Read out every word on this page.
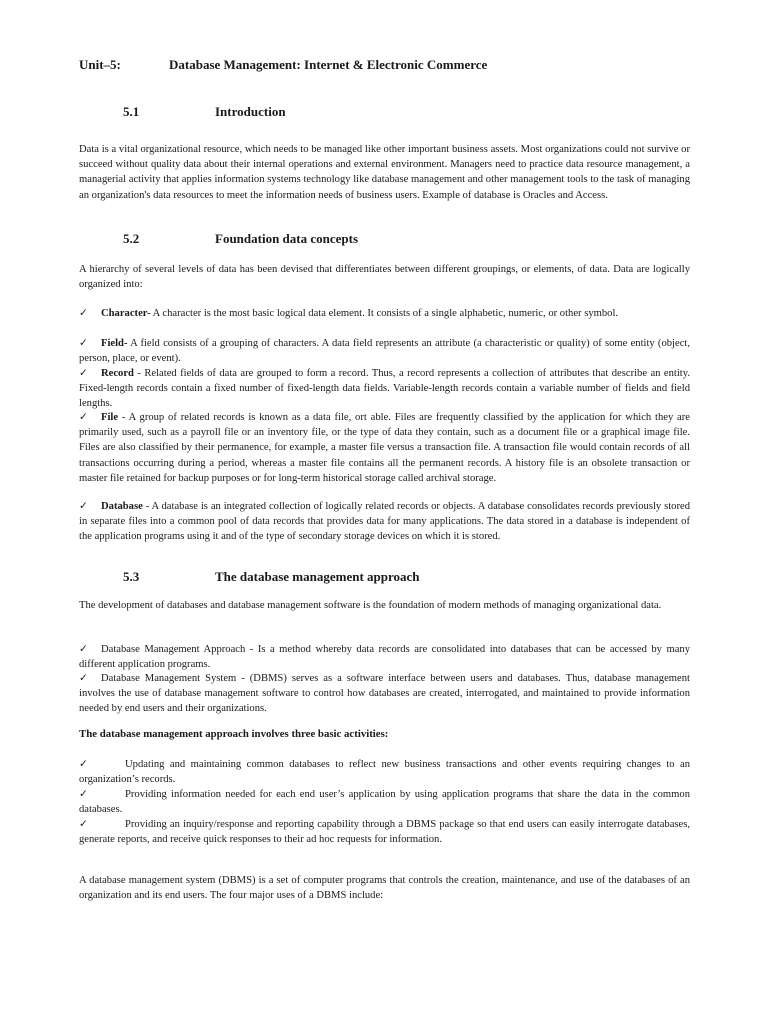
Unit–5:	Database Management: Internet & Electronic Commerce
5.1	Introduction

Data is a vital organizational resource, which needs to be managed like other important business assets. Most organizations could not survive or succeed without quality data about their internal operations and external environment. Managers need to practice data resource management, a managerial activity that applies information systems technology like database management and other management tools to the task of managing an organization's data resources to meet the information needs of business users. Example of database is Oracles and Access.

5.2	Foundation data concepts

A hierarchy of several levels of data has been devised that differentiates between different groupings, or elements, of data. Data are logically organized into:

✓ Character- A character is the most basic logical data element. It consists of a single alphabetic, numeric, or other symbol.

✓ Field- A field consists of a grouping of characters. A data field represents an attribute (a characteristic or quality) of some entity (object, person, place, or event).

✓ Record - Related fields of data are grouped to form a record. Thus, a record represents a collection of attributes that describe an entity. Fixed-length records contain a fixed number of fixed-length data fields. Variable-length records contain a variable number of fields and field lengths.

✓ File - A group of related records is known as a data file, ort able. Files are frequently classified by the application for which they are primarily used, such as a payroll file or an inventory file, or the type of data they contain, such as a document file or a graphical image file. Files are also classified by their permanence, for example, a master file versus a transaction file. A transaction file would contain records of all transactions occurring during a period, whereas a master file contains all the permanent records. A history file is an obsolete transaction or master file retained for backup purposes or for long-term historical storage called archival storage.

✓ Database - A database is an integrated collection of logically related records or objects. A database consolidates records previously stored in separate files into a common pool of data records that provides data for many applications. The data stored in a database is independent of the application programs using it and of the type of secondary storage devices on which it is stored.

5.3	The database management approach

The development of databases and database management software is the foundation of modern methods of managing organizational data.

✓ Database Management Approach - Is a method whereby data records are consolidated into databases that can be accessed by many different application programs.

✓ Database Management System - (DBMS) serves as a software interface between users and databases. Thus, database management involves the use of database management software to control how databases are created, interrogated, and maintained to provide information needed by end users and their organizations.

The database management approach involves three basic activities:

✓	Updating and maintaining common databases to reflect new business transactions and other events requiring changes to an organization’s records.

✓	Providing information needed for each end user’s application by using application programs that share the data in the common databases.

✓	Providing an inquiry/response and reporting capability through a DBMS package so that end users can easily interrogate databases, generate reports, and receive quick responses to their ad hoc requests for information.

A database management system (DBMS) is a set of computer programs that controls the creation, maintenance, and use of the databases of an organization and its end users. The four major uses of a DBMS include:
